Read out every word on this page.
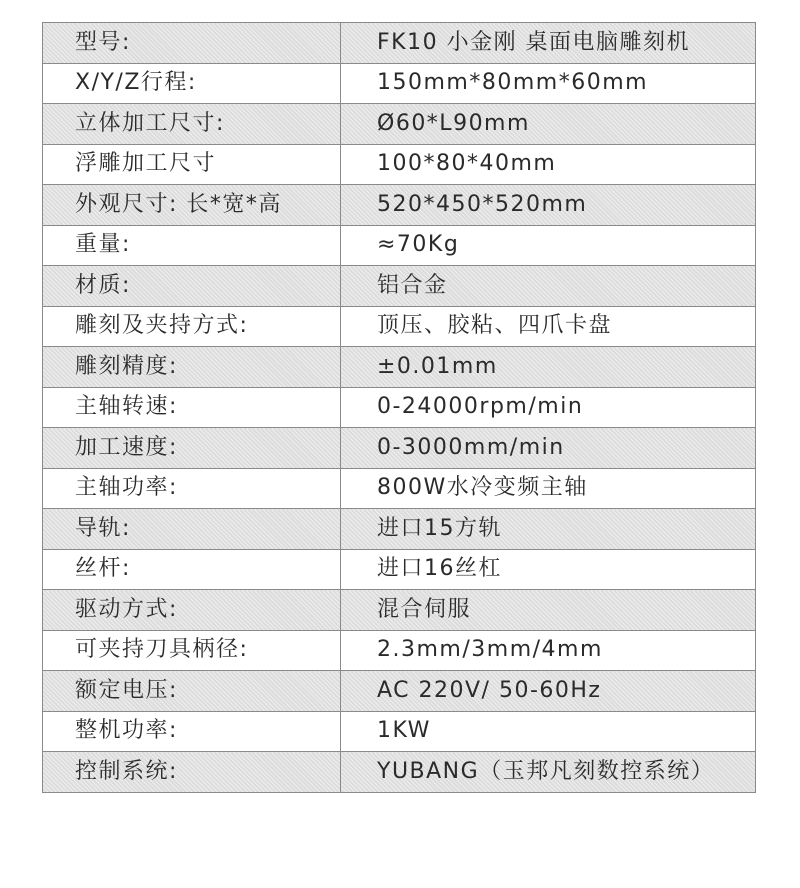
型号:	FK10 小金刚 桌面电脑雕刻机
X/Y/Z行程:	150mm*80mm*60mm
立体加工尺寸:	Ø60*L90mm
浮雕加工尺寸	100*80*40mm
外观尺寸: 长*宽*高	520*450*520mm
重量:	≈70Kg
材质:	铝合金
雕刻及夹持方式:	顶压、胶粘、四爪卡盘
雕刻精度:	±0.01mm
主轴转速:	0-24000rpm/min
加工速度:	0-3000mm/min
主轴功率:	800W水冷变频主轴
导轨:	进口15方轨
丝杆:	进口16丝杠
驱动方式:	混合伺服
可夹持刀具柄径:	2.3mm/3mm/4mm
额定电压:	AC 220V/ 50-60Hz
整机功率:	1KW
控制系统:	YUBANG（玉邦凡刻数控系统）
